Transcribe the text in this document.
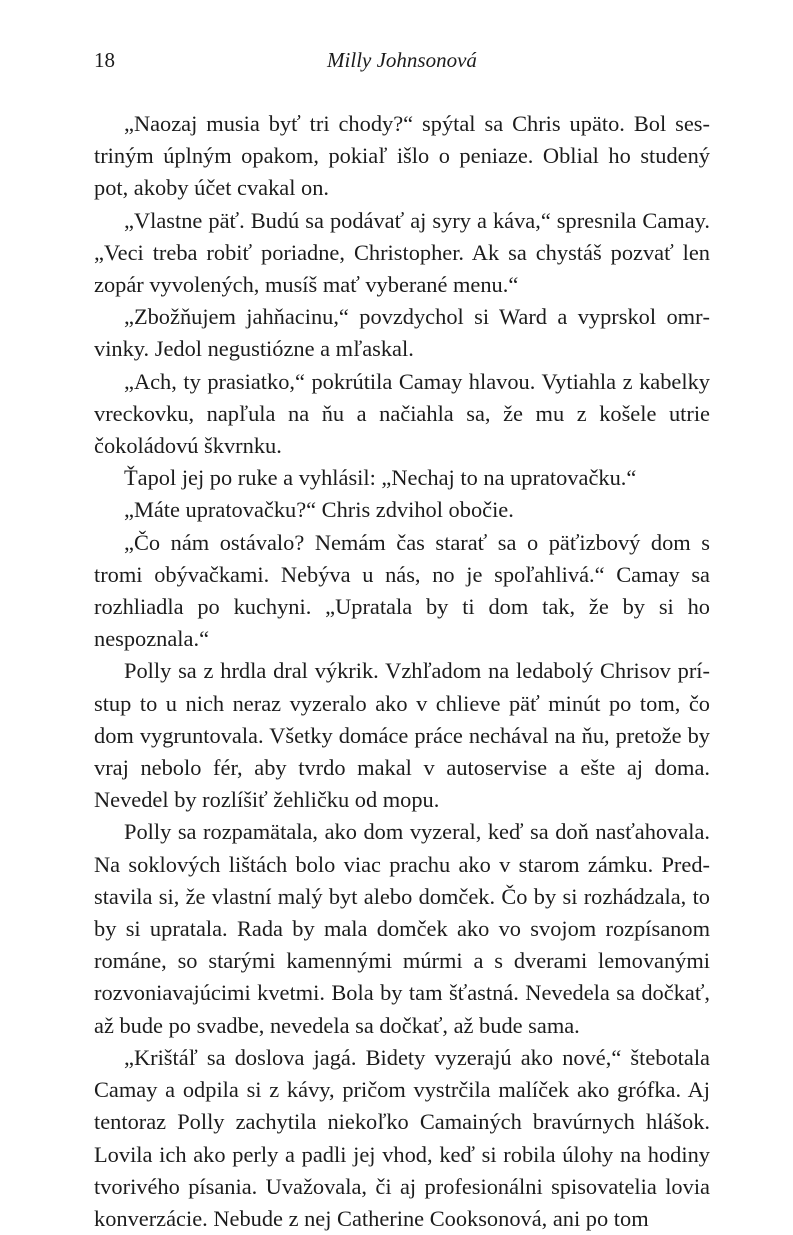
18	Milly Johnsonová

„Naozaj musia byť tri chody?“ spýtal sa Chris upäto. Bol sestriným úplným opakom, pokiaľ išlo o peniaze. Oblial ho studený pot, akoby účet cvakal on.

„Vlastne päť. Budú sa podávať aj syry a káva,“ spresnila Camay. „Veci treba robiť poriadne, Christopher. Ak sa chystáš pozvať len zopár vyvolených, musíš mať vyberané menu.“

„Zbožňujem jahňacinu,“ povzdychol si Ward a vyprskol omrvinky. Jedol negustiózne a mľaskal.

„Ach, ty prasiatko,“ pokrútila Camay hlavou. Vytiahla z kabelky vreckovku, napľula na ňu a načiahla sa, že mu z košele utrie čokoládovú škvrnku.

Ťapol jej po ruke a vyhlásil: „Nechaj to na upratovačku.“

„Máte upratovačku?“ Chris zdvihol obočie.

„Čo nám ostávalo? Nemám čas starať sa o päťizbový dom s tromi obývačkami. Nebýva u nás, no je spoľahlivá.“ Camay sa rozhliadla po kuchyni. „Upratala by ti dom tak, že by si ho nespoznala.“

Polly sa z hrdla dral výkrik. Vzhľadom na ledabolý Chrisov prístup to u nich neraz vyzeralo ako v chlieve päť minút po tom, čo dom vygruntovala. Všetky domáce práce nechával na ňu, pretože by vraj nebolo fér, aby tvrdo makal v autoservise a ešte aj doma. Nevedel by rozlíšiť žehličku od mopu.

Polly sa rozpamätala, ako dom vyzeral, keď sa doň nasťahovala. Na soklových lištách bolo viac prachu ako v starom zámku. Predstavila si, že vlastní malý byt alebo domček. Čo by si rozhádzala, to by si upratala. Rada by mala domček ako vo svojom rozpísanom románe, so starými kamennými múrmi a s dverami lemovanými rozvoniavajúcimi kvetmi. Bola by tam šťastná. Nevedela sa dočkať, až bude po svadbe, nevedela sa dočkať, až bude sama.

„Krištáľ sa doslova jagá. Bidety vyzerajú ako nové,“ štebotala Camay a odpila si z kávy, pričom vystrčila malíček ako grófka. Aj tentoraz Polly zachytila niekoľko Camainých bravúrnych hlášok. Lovila ich ako perly a padli jej vhod, keď si robila úlohy na hodiny tvorivého písania. Uvažovala, či aj profesionálni spisovatelia lovia konverzácie. Nebude z nej Catherine Cooksonová, ani po tom
